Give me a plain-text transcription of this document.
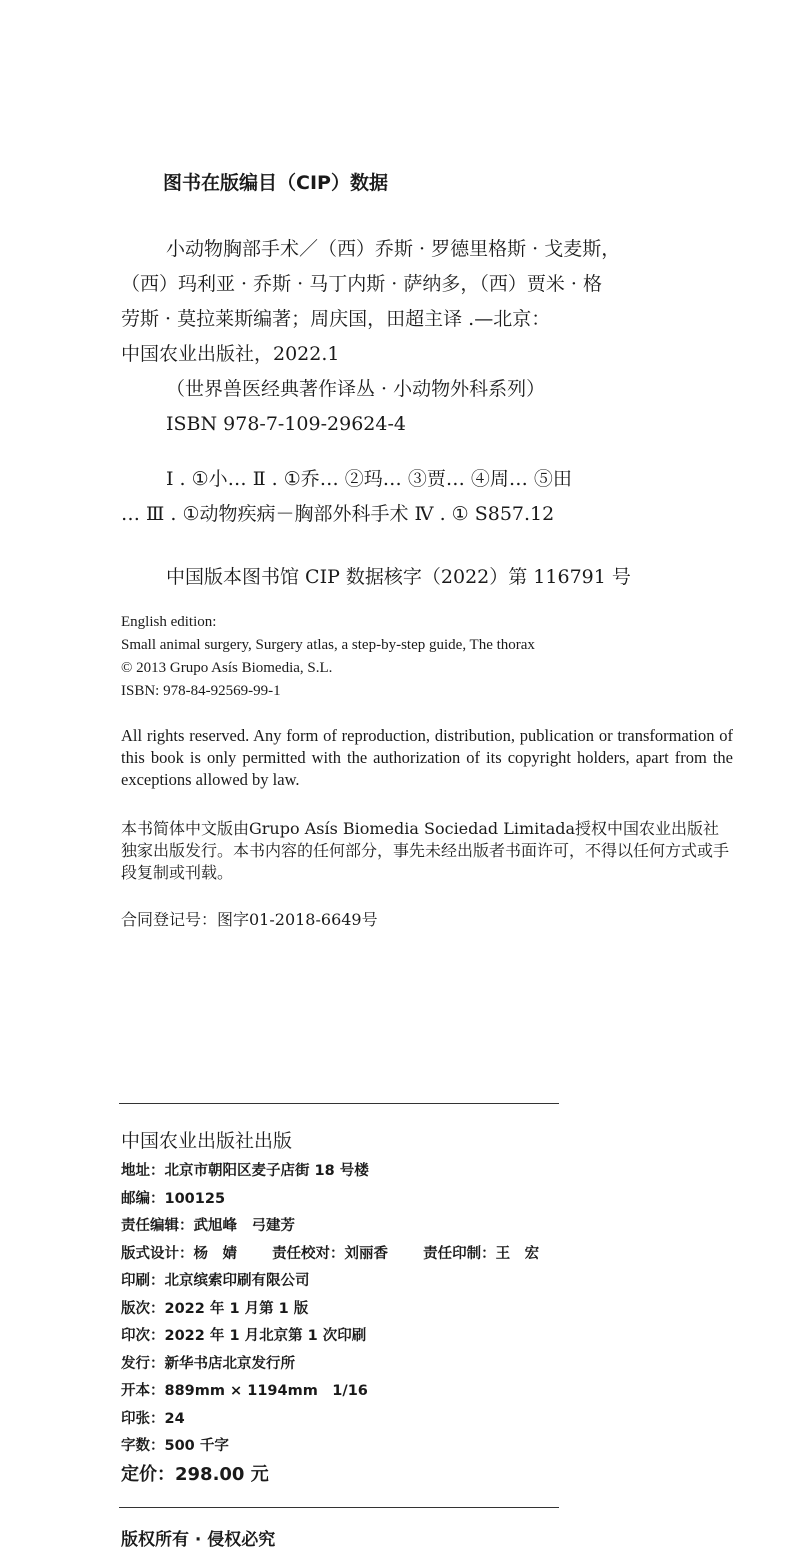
图书在版编目（CIP）数据
小动物胸部手术／（西）乔斯 · 罗德里格斯 · 戈麦斯，
（西）玛利亚 · 乔斯 · 马丁内斯 · 萨纳多，（西）贾米 · 格
劳斯 · 莫拉莱斯编著；周庆国，田超主译 .—北京：
中国农业出版社，2022.1
（世界兽医经典著作译丛 · 小动物外科系列）
ISBN 978-7-109-29624-4
Ⅰ . ①小… Ⅱ . ①乔… ②玛… ③贾… ④周… ⑤田
… Ⅲ . ①动物疾病－胸部外科手术 Ⅳ . ① S857.12
中国版本图书馆 CIP 数据核字（2022）第 116791 号
English edition:
Small animal surgery, Surgery atlas, a step-by-step guide, The thorax
© 2013 Grupo Asís Biomedia, S.L.
ISBN: 978-84-92569-99-1
All rights reserved. Any form of reproduction, distribution, publication or transformation of this book is only permitted with the authorization of its copyright holders, apart from the exceptions allowed by law.
本书简体中文版由Grupo Asís Biomedia Sociedad Limitada授权中国农业出版社独家出版发行。本书内容的任何部分，事先未经出版者书面许可，不得以任何方式或手段复制或刊载。
合同登记号：图字01-2018-6649号
中国农业出版社出版
地址：北京市朝阳区麦子店街 18 号楼
邮编：100125
责任编辑：武旭峰　弓建芳
版式设计：杨　婧 责任校对：刘丽香 责任印制：王　宏
印刷：北京缤索印刷有限公司
版次：2022 年 1 月第 1 版
印次：2022 年 1 月北京第 1 次印刷
发行：新华书店北京发行所
开本：889mm × 1194mm　1/16
印张：24
字数：500 千字
定价：298.00 元
版权所有 · 侵权必究
